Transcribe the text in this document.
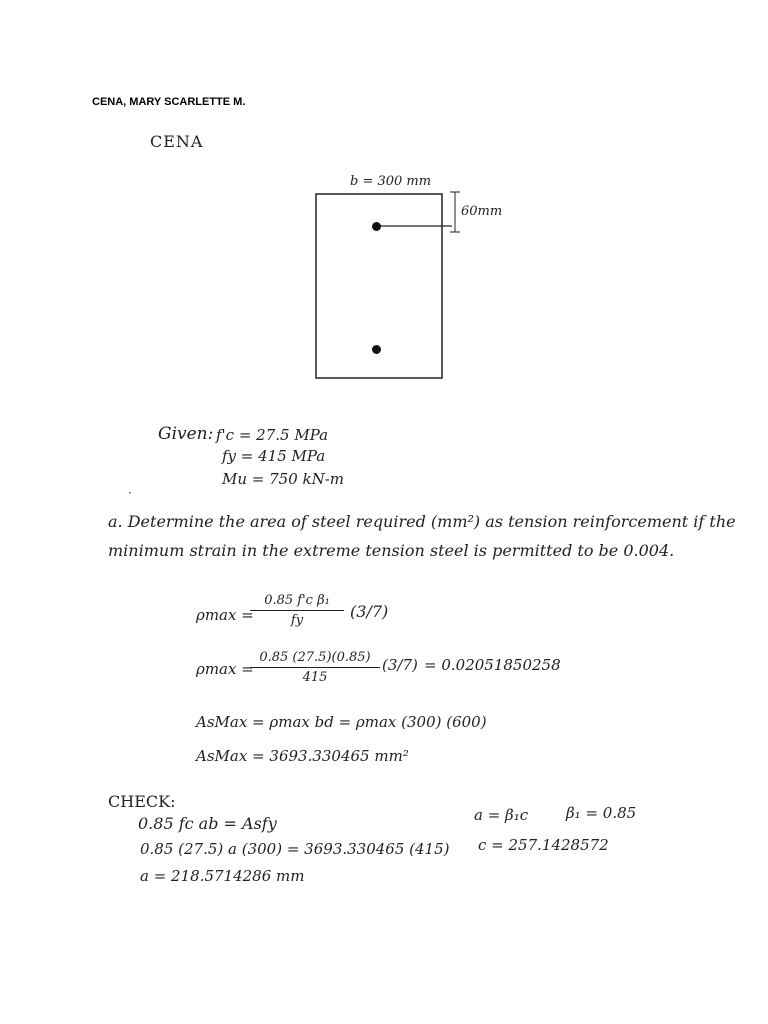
CENA, MARY SCARLETTE M.
CENA
b = 300 mm
60mm
Given: f'c = 27.5 MPa
fy = 415 MPa
Mu = 750 kN-m
·
a. Determine the area of steel required (mm²) as tension reinforcement if the
minimum strain in the extreme tension steel is permitted to be 0.004.
ρmax =
0.85 f'c β₁
fy	(3/7)
ρmax =
0.85 (27.5)(0.85)
415
(3/7) = 0.02051850258
AsMax = ρmax bd = ρmax (300) (600)
AsMax = 3693.330465 mm²
CHECK:
0.85 fc ab = Asfy
0.85 (27.5) a (300) = 3693.330465 (415)
a = 218.5714286 mm
a = β₁c	β₁ = 0.85
c = 257.1428572
